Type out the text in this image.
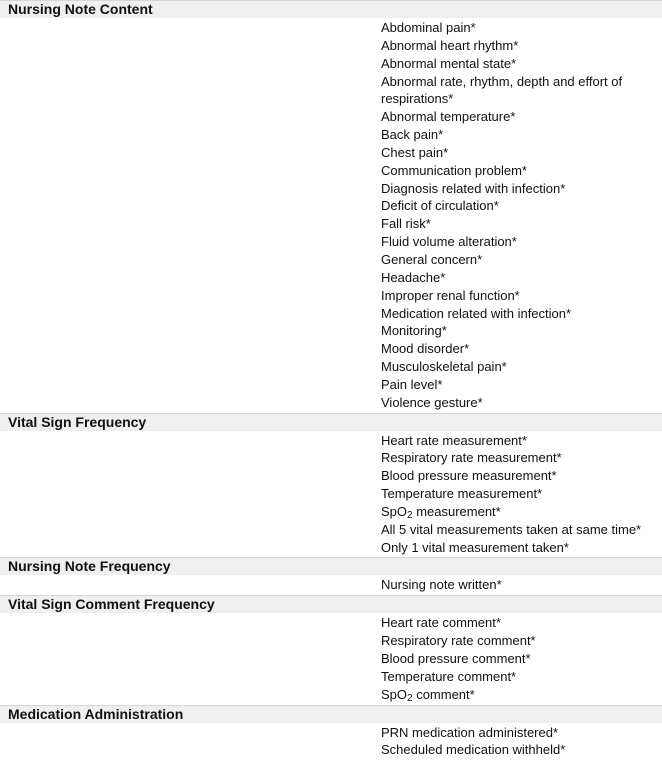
Nursing Note Content
Abdominal pain*
Abnormal heart rhythm*
Abnormal mental state*
Abnormal rate, rhythm, depth and effort of respirations*
Abnormal temperature*
Back pain*
Chest pain*
Communication problem*
Diagnosis related with infection*
Deficit of circulation*
Fall risk*
Fluid volume alteration*
General concern*
Headache*
Improper renal function*
Medication related with infection*
Monitoring*
Mood disorder*
Musculoskeletal pain*
Pain level*
Violence gesture*
Vital Sign Frequency
Heart rate measurement*
Respiratory rate measurement*
Blood pressure measurement*
Temperature measurement*
SpO$_2$ measurement*
All 5 vital measurements taken at same time*
Only 1 vital measurement taken*
Nursing Note Frequency
Nursing note written*
Vital Sign Comment Frequency
Heart rate comment*
Respiratory rate comment*
Blood pressure comment*
Temperature comment*
SpO$_2$ comment*
Medication Administration
PRN medication administered*
Scheduled medication withheld*
